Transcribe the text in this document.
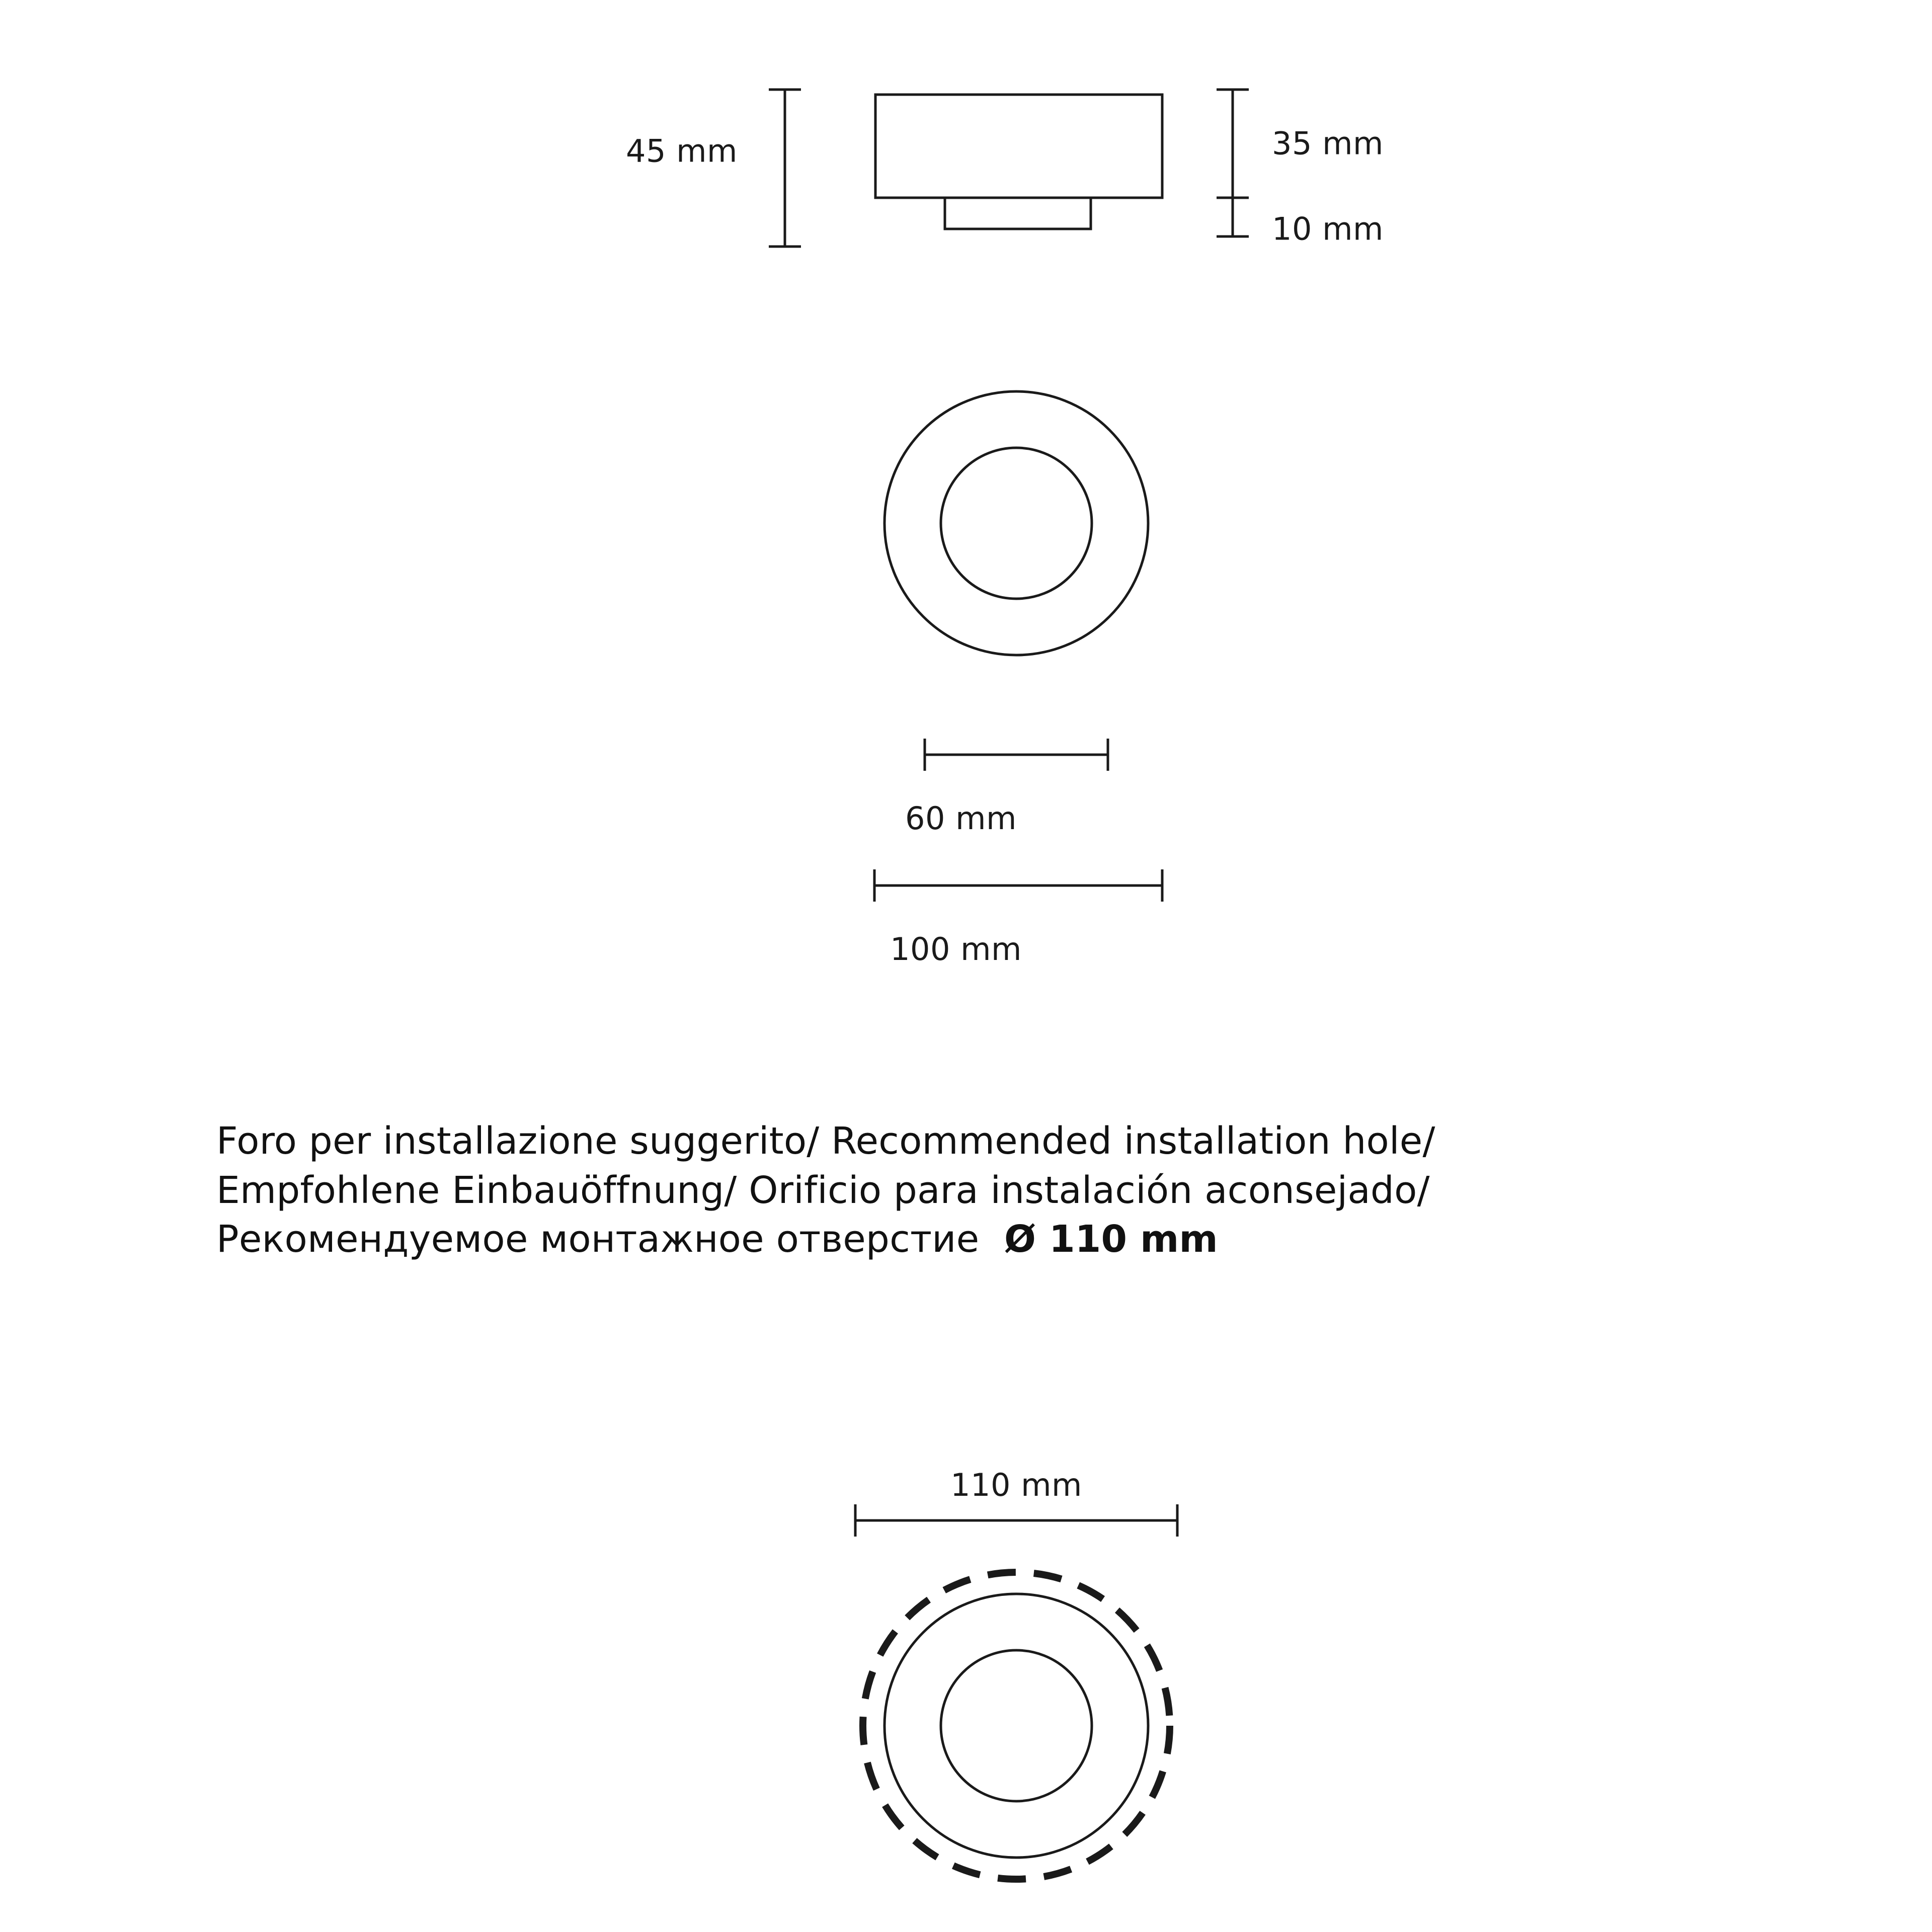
45 mm	35 mm
10 mm
60 mm
100 mm
110 mm
Foro per installazione suggerito/ Recommended installation hole/
Empfohlene Einbauöffnung/ Orificio para instalación aconsejado/
Рекомендуемое монтажное отверстие Ø 110 mm
